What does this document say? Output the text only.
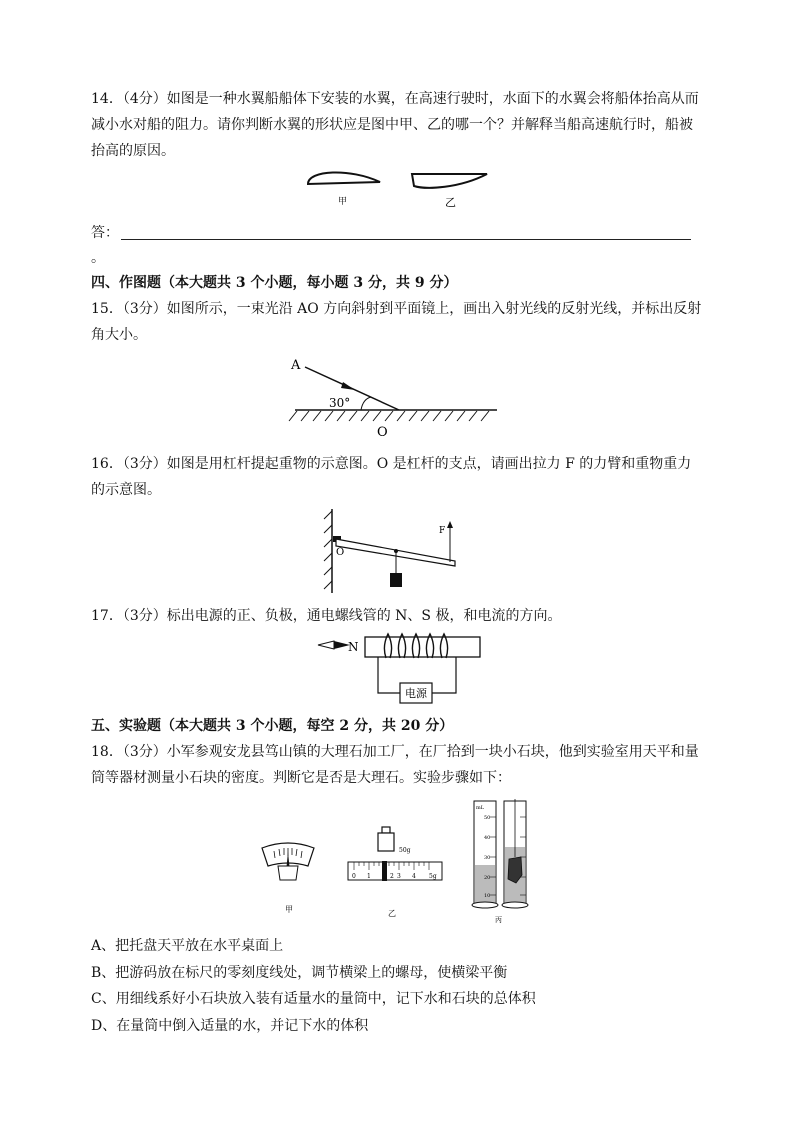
14．（4分）如图是一种水翼船船体下安装的水翼，在高速行驶时，水面下的水翼会将船体抬高从而减小水对船的阻力。请你判断水翼的形状应是图中甲、乙的哪一个？并解释当船高速航行时，船被抬高的原因。

甲	乙

答：

。

四、作图题（本大题共 3 个小题，每小题 3 分，共 9 分）

15．（3分）如图所示，一束光沿 AO 方向斜射到平面镜上，画出入射光线的反射光线，并标出反射角大小。

A
30°
O

16．（3分）如图是用杠杆提起重物的示意图。O 是杠杆的支点，请画出拉力 F 的力臂和重物重力的示意图。

O
F

17．（3分）标出电源的正、负极，通电螺线管的 N、S 极，和电流的方向。

N
电源

五、实验题（本大题共 3 个小题，每空 2 分，共 20 分）

18．（3分）小军参观安龙县笃山镇的大理石加工厂，在厂拾到一块小石块，他到实验室用天平和量筒等器材测量小石块的密度。判断它是否是大理石。实验步骤如下：

甲
50g
0 1	2 3 4 5g
乙
mL
50
40
30
20
10
丙

A、把托盘天平放在水平桌面上

B、把游码放在标尺的零刻度线处，调节横梁上的螺母，使横梁平衡

C、用细线系好小石块放入装有适量水的量筒中，记下水和石块的总体积

D、在量筒中倒入适量的水，并记下水的体积
